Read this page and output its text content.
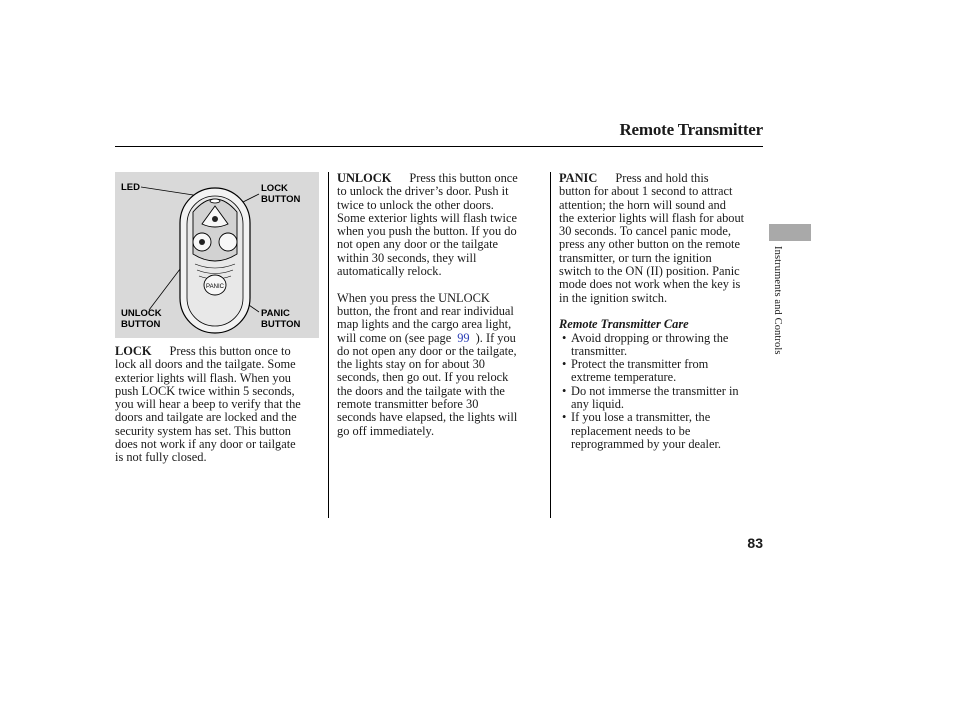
Remote Transmitter
Instruments and Controls
PANIC
LED	LOCK
BUTTON
UNLOCK
BUTTON
PANIC
BUTTON

LOCK Press this button once to

lock all doors and the tailgate. Some

exterior lights will flash. When you

push LOCK twice within 5 seconds,

you will hear a beep to verify that the

doors and tailgate are locked and the

security system has set. This button

does not work if any door or tailgate

is not fully closed.

UNLOCK Press this button once

to unlock the driver’s door. Push it

twice to unlock the other doors.

Some exterior lights will flash twice

when you push the button. If you do

not open any door or the tailgate

within 30 seconds, they will

automatically relock.

When you press the UNLOCK

button, the front and rear individual

map lights and the cargo area light,

will come on (see page 99 ). If you

do not open any door or the tailgate,

the lights stay on for about 30

seconds, then go out. If you relock

the doors and the tailgate with the

remote transmitter before 30

seconds have elapsed, the lights will

go off immediately.

PANIC Press and hold this

button for about 1 second to attract

attention; the horn will sound and

the exterior lights will flash for about

30 seconds. To cancel panic mode,

press any other button on the remote

transmitter, or turn the ignition

switch to the ON (II) position. Panic

mode does not work when the key is

in the ignition switch.

Remote Transmitter Care

• Avoid dropping or throwing the
transmitter.
• Protect the transmitter from
extreme temperature.
• Do not immerse the transmitter in
any liquid.
• If you lose a transmitter, the
replacement needs to be
reprogrammed by your dealer.
83
